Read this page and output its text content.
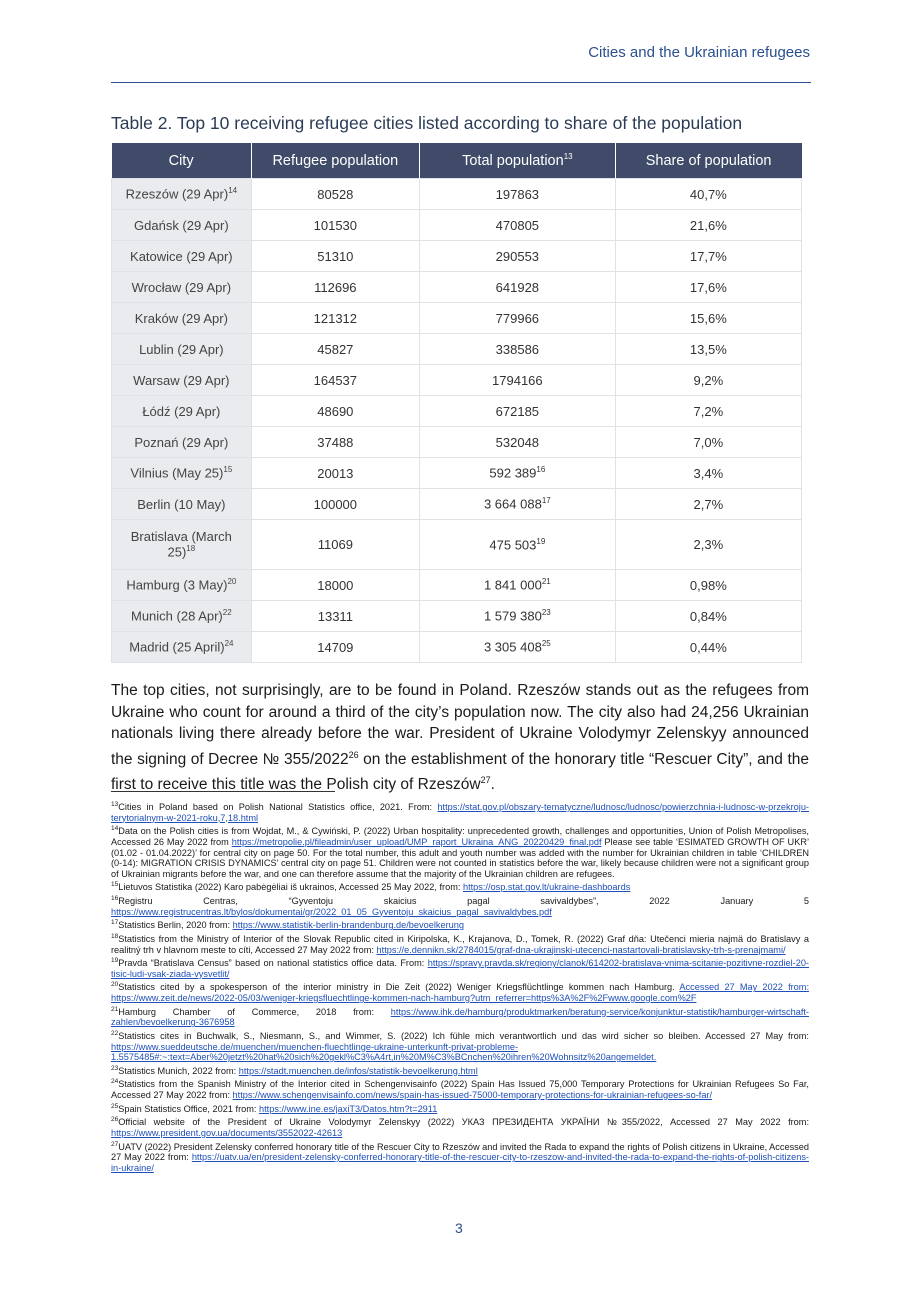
Cities and the Ukrainian refugees
Table 2. Top 10 receiving refugee cities listed according to share of the population
City	Refugee population	Total population$^{13}$	Share of population
Rzeszów (29 Apr)$^{14}$	80528	197863	40,7%
Gdańsk (29 Apr)	101530	470805	21,6%
Katowice (29 Apr)	51310	290553	17,7%
Wrocław (29 Apr)	112696	641928	17,6%
Kraków (29 Apr)	121312	779966	15,6%
Lublin (29 Apr)	45827	338586	13,5%
Warsaw (29 Apr)	164537	1794166	9,2%
Łódź (29 Apr)	48690	672185	7,2%
Poznań (29 Apr)	37488	532048	7,0%
Vilnius (May 25)$^{15}$	20013	592 $389^{16}$	3,4%
Berlin (10 May)	100000	3 664 $088^{17}$	2,7%
Bratislava (March 25)$^{18}$	11069	475 $503^{19}$	2,3%
Hamburg (3 May)$^{20}$	18000	1 841 $000^{21}$	0,98%
Munich (28 Apr)$^{22}$	13311	1 579 $380^{23}$	0,84%
Madrid (25 April)$^{24}$	14709	3 305 $408^{25}$	0,44%
The top cities, not surprisingly, are to be found in Poland. Rzeszów stands out as the refugees from Ukraine who count for around a third of the city’s population now. The city also had 24,256 Ukrainian nationals living there already before the war. President of Ukraine Volodymyr Zelenskyy announced the signing of Decree № 355/2022$^{26}$ on the establishment of the honorary title “Rescuer City”, and the first to receive this title was the Polish city of Rzeszów$^{27}$.
$^{13}$Cities in Poland based on Polish National Statistics office, 2021. From: https://stat.gov.pl/obszary-tematyczne/ludnosc/ludnosc/powierzchnia-i-ludnosc-w-przekroju-terytorialnym-w-2021-roku,7,18.html
$^{14}$Data on the Polish cities is from Wojdat, M., & Cywiński, P. (2022) Urban hospitality: unprecedented growth, challenges and opportunities, Union of Polish Metropolises, Accessed 26 May 2022 from https://metropolie.pl/fileadmin/user_upload/UMP_raport_Ukraina_ANG_20220429_final.pdf Please see table ‘ESIMATED GROWTH OF UKR’ (01.02 - 01.04.2022)’ for central city on page 50. For the total number, this adult and youth number was added with the number for Ukrainian children in table ‘CHILDREN (0-14): MIGRATION CRISIS DYNAMICS’ central city on page 51. Children were not counted in statistics before the war, likely because children were not a significant group of Ukrainian migrants before the war, and one can therefore assume that the majority of the Ukrainian children are refugees.
$^{15}$Lietuvos Statistika (2022) Karo pabėgėliai iš ukrainos, Accessed 25 May 2022, from: https://osp.stat.gov.lt/ukraine-dashboards
$^{16}$Registru Centras, “Gyventoju skaicius pagal savivaldybes”, 2022 January 5 https://www.registrucentras.lt/bylos/dokumentai/gr/2022_01_05_Gyventoju_skaicius_pagal_savivaldybes.pdf
$^{17}$Statistics Berlin, 2020 from: https://www.statistik-berlin-brandenburg.de/bevoelkerung
$^{18}$Statistics from the Ministry of Interior of the Slovak Republic cited in Kiripolska, K., Krajanova, D., Tomek, R. (2022) Graf dňa: Utečenci mieria najmä do Bratislavy a realitný trh v hlavnom meste to cíti, Accessed 27 May 2022 from: https://e.dennikn.sk/2784015/graf-dna-ukrajinski-utecenci-nastartovali-bratislavsky-trh-s-prenajmami/
$^{19}$Pravda “Bratislava Census” based on national statistics office data. From: https://spravy.pravda.sk/regiony/clanok/614202-bratislava-vnima-scitanie-pozitivne-rozdiel-20-tisic-ludi-vsak-ziada-vysvetlit/
$^{20}$Statistics cited by a spokesperson of the interior ministry in Die Zeit (2022) Weniger Kriegsflüchtlinge kommen nach Hamburg. Accessed 27 May 2022 from: https://www.zeit.de/news/2022-05/03/weniger-kriegsfluechtlinge-kommen-nach-hamburg?utm_referrer=https%3A%2F%2Fwww.google.com%2F
$^{21}$Hamburg Chamber of Commerce, 2018 from: https://www.ihk.de/hamburg/produktmarken/beratung-service/konjunktur-statistik/hamburger-wirtschaft-zahlen/bevoelkerung-3676958
$^{22}$Statistics cites in Buchwalk, S., Niesmann, S., and Wimmer, S. (2022) Ich fühle mich verantwortlich und das wird sicher so bleiben. Accessed 27 May from: https://www.sueddeutsche.de/muenchen/muenchen-fluechtlinge-ukraine-unterkunft-privat-probleme-1.5575485#:~:text=Aber%20jetzt%20hat%20sich%20gekl%C3%A4rt,in%20M%C3%BCnchen%20ihren%20Wohnsitz%20angemeldet.
$^{23}$Statistics Munich, 2022 from: https://stadt.muenchen.de/infos/statistik-bevoelkerung.html
$^{24}$Statistics from the Spanish Ministry of the Interior cited in Schengenvisainfo (2022) Spain Has Issued 75,000 Temporary Protections for Ukrainian Refugees So Far, Accessed 27 May 2022 from: https://www.schengenvisainfo.com/news/spain-has-issued-75000-temporary-protections-for-ukrainian-refugees-so-far/
$^{25}$Spain Statistics Office, 2021 from: https://www.ine.es/jaxiT3/Datos.htm?t=2911
$^{26}$Official website of the President of Ukraine Volodymyr Zelenskyy (2022) УКАЗ ПРЕЗИДЕНТА УКРАЇНИ №355/2022, Accessed 27 May 2022 from: https://www.president.gov.ua/documents/3552022-42613
$^{27}$UATV (2022) President Zelensky conferred honorary title of the Rescuer City to Rzeszów and invited the Rada to expand the rights of Polish citizens in Ukraine, Accessed 27 May 2022 from: https://uatv.ua/en/president-zelensky-conferred-honorary-title-of-the-rescuer-city-to-rzeszow-and-invited-the-rada-to-expand-the-rights-of-polish-citizens-in-ukraine/
3
